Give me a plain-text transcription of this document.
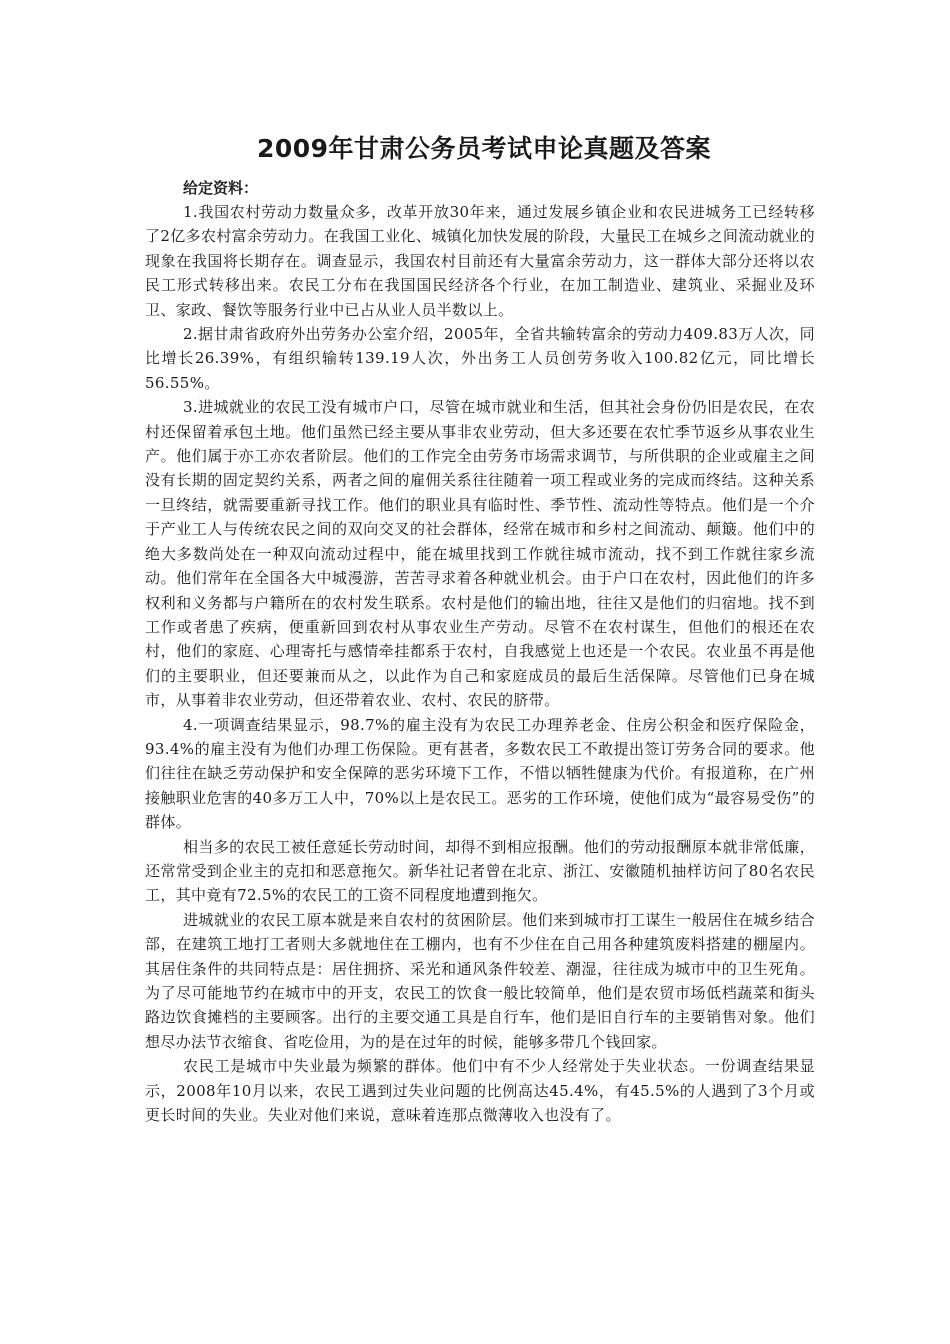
2009年甘肃公务员考试申论真题及答案

给定资料：

1.我国农村劳动力数量众多，改革开放30年来，通过发展乡镇企业和农民进城务工已经转移了2亿多农村富余劳动力。在我国工业化、城镇化加快发展的阶段，大量民工在城乡之间流动就业的现象在我国将长期存在。调查显示，我国农村目前还有大量富余劳动力，这一群体大部分还将以农民工形式转移出来。农民工分布在我国国民经济各个行业，在加工制造业、建筑业、采掘业及环卫、家政、餐饮等服务行业中已占从业人员半数以上。

2.据甘肃省政府外出劳务办公室介绍，2005年，全省共输转富余的劳动力409.83万人次，同比增长26.39%，有组织输转139.19人次，外出务工人员创劳务收入100.82亿元，同比增长56.55%。

3.进城就业的农民工没有城市户口，尽管在城市就业和生活，但其社会身份仍旧是农民，在农村还保留着承包土地。他们虽然已经主要从事非农业劳动，但大多还要在农忙季节返乡从事农业生产。他们属于亦工亦农者阶层。他们的工作完全由劳务市场需求调节，与所供职的企业或雇主之间没有长期的固定契约关系，两者之间的雇佣关系往往随着一项工程或业务的完成而终结。这种关系一旦终结，就需要重新寻找工作。他们的职业具有临时性、季节性、流动性等特点。他们是一个介于产业工人与传统农民之间的双向交叉的社会群体，经常在城市和乡村之间流动、颠簸。他们中的绝大多数尚处在一种双向流动过程中，能在城里找到工作就往城市流动，找不到工作就往家乡流动。他们常年在全国各大中城漫游，苦苦寻求着各种就业机会。由于户口在农村，因此他们的许多权利和义务都与户籍所在的农村发生联系。农村是他们的输出地，往往又是他们的归宿地。找不到工作或者患了疾病，便重新回到农村从事农业生产劳动。尽管不在农村谋生，但他们的根还在农村，他们的家庭、心理寄托与感情牵挂都系于农村，自我感觉上也还是一个农民。农业虽不再是他们的主要职业，但还要兼而从之，以此作为自己和家庭成员的最后生活保障。尽管他们已身在城市，从事着非农业劳动，但还带着农业、农村、农民的脐带。

4.一项调查结果显示，98.7%的雇主没有为农民工办理养老金、住房公积金和医疗保险金，93.4%的雇主没有为他们办理工伤保险。更有甚者，多数农民工不敢提出签订劳务合同的要求。他们往往在缺乏劳动保护和安全保障的恶劣环境下工作，不惜以牺牲健康为代价。有报道称，在广州接触职业危害的40多万工人中，70%以上是农民工。恶劣的工作环境，使他们成为“最容易受伤”的群体。

相当多的农民工被任意延长劳动时间，却得不到相应报酬。他们的劳动报酬原本就非常低廉，还常常受到企业主的克扣和恶意拖欠。新华社记者曾在北京、浙江、安徽随机抽样访问了80名农民工，其中竟有72.5%的农民工的工资不同程度地遭到拖欠。

进城就业的农民工原本就是来自农村的贫困阶层。他们来到城市打工谋生一般居住在城乡结合部，在建筑工地打工者则大多就地住在工棚内，也有不少住在自己用各种建筑废料搭建的棚屋内。其居住条件的共同特点是：居住拥挤、采光和通风条件较差、潮湿，往往成为城市中的卫生死角。为了尽可能地节约在城市中的开支，农民工的饮食一般比较简单，他们是农贸市场低档蔬菜和街头路边饮食摊档的主要顾客。出行的主要交通工具是自行车，他们是旧自行车的主要销售对象。他们想尽办法节衣缩食、省吃俭用，为的是在过年的时候，能够多带几个钱回家。

农民工是城市中失业最为频繁的群体。他们中有不少人经常处于失业状态。一份调查结果显示，2008年10月以来，农民工遇到过失业问题的比例高达45.4%，有45.5%的人遇到了3个月或更长时间的失业。失业对他们来说，意味着连那点微薄收入也没有了。
